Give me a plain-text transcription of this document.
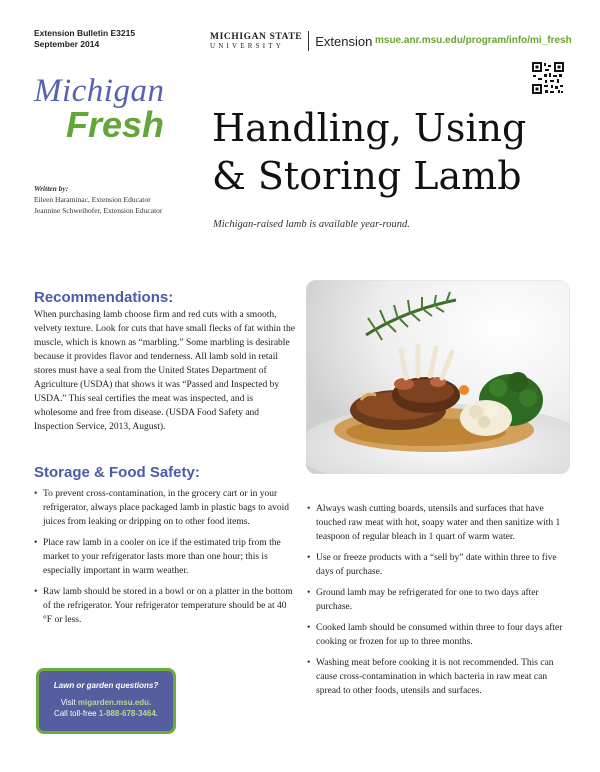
Extension Bulletin E3215
September 2014
MICHIGAN STATE
UNIVERSITY	Extension msue.anr.msu.edu/program/info/mi_fresh
Michigan
Fresh Handling, Using
& Storing Lamb
Michigan-raised lamb is available year-round.
Written by:
Eileen Haraminac, Extension Educator
Jeannine Schweihofer, Extension Educator
Recommendations:

When purchasing lamb choose firm and red cuts with a smooth, velvety texture. Look for cuts that have small flecks of fat within the muscle, which is known as “marbling.” Some marbling is desirable because it provides flavor and tenderness. All lamb sold in retail stores must have a seal from the United States Department of Agriculture (USDA) that shows it was “Passed and Inspected by USDA.” This seal certifies the meat was inspected, and is wholesome and free from disease. (USDA Food Safety and Inspection Service, 2013, August).

Storage & Food Safety:
• To prevent cross-contamination, in the grocery cart or in your refrigerator, always place packaged lamb in plastic bags to avoid juices from leaking or dripping on to other food items.
• Place raw lamb in a cooler on ice if the estimated trip from the market to your refrigerator lasts more than one hour; this is especially important in warm weather.
• Raw lamb should be stored in a bowl or on a platter in the bottom of the refrigerator. Your refrigerator temperature should be at 40 °F or less.
• Always wash cutting boards, utensils and surfaces that have touched raw meat with hot, soapy water and then sanitize with 1 teaspoon of regular bleach in 1 quart of warm water.
• Use or freeze products with a “sell by” date within three to five days of purchase.
• Ground lamb may be refrigerated for one to two days after purchase.
• Cooked lamb should be consumed within three to four days after cooking or frozen for up to three months.
• Washing meat before cooking it is not recommended. This can cause cross-contamination in which bacteria in raw meat can spread to other foods, utensils and surfaces.
Lawn or garden questions?
Visit migarden.msu.edu.
Call toll-free 1-888-678-3464.
